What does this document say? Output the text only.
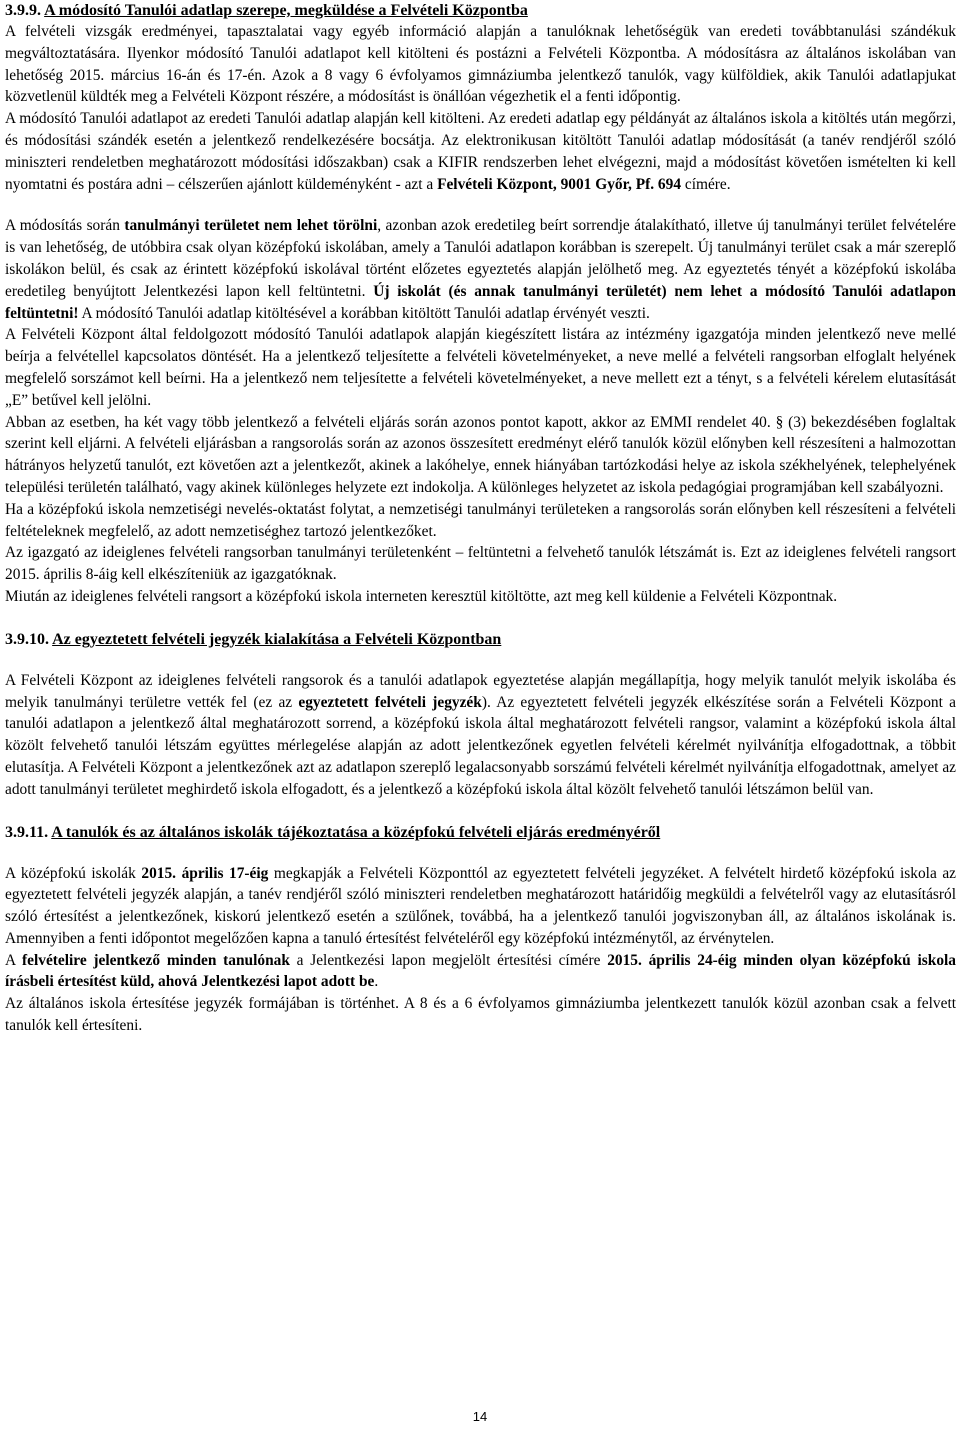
3.9.9. A módosító Tanulói adatlap szerepe, megküldése a Felvételi Központba

A felvételi vizsgák eredményei, tapasztalatai vagy egyéb információ alapján a tanulóknak lehetőségük van eredeti továbbtanulási szándékuk megváltoztatására. Ilyenkor módosító Tanulói adatlapot kell kitölteni és postázni a Felvételi Központba. A módosításra az általános iskolában van lehetőség 2015. március 16-án és 17-én. Azok a 8 vagy 6 évfolyamos gimnáziumba jelentkező tanulók, vagy külföldiek, akik Tanulói adatlapjukat közvetlenül küldték meg a Felvételi Központ részére, a módosítást is önállóan végezhetik el a fenti időpontig.

A módosító Tanulói adatlapot az eredeti Tanulói adatlap alapján kell kitölteni. Az eredeti adatlap egy példányát az általános iskola a kitöltés után megőrzi, és módosítási szándék esetén a jelentkező rendelkezésére bocsátja. Az elektronikusan kitöltött Tanulói adatlap módosítását (a tanév rendjéről szóló miniszteri rendeletben meghatározott módosítási időszakban) csak a KIFIR rendszerben lehet elvégezni, majd a módosítást követően ismételten ki kell nyomtatni és postára adni – célszerűen ajánlott küldeményként - azt a Felvételi Központ, 9001 Győr, Pf. 694 címére.

A módosítás során tanulmányi területet nem lehet törölni, azonban azok eredetileg beírt sorrendje átalakítható, illetve új tanulmányi terület felvételére is van lehetőség, de utóbbira csak olyan középfokú iskolában, amely a Tanulói adatlapon korábban is szerepelt. Új tanulmányi terület csak a már szereplő iskolákon belül, és csak az érintett középfokú iskolával történt előzetes egyeztetés alapján jelölhető meg. Az egyeztetés tényét a középfokú iskolába eredetileg benyújtott Jelentkezési lapon kell feltüntetni. Új iskolát (és annak tanulmányi területét) nem lehet a módosító Tanulói adatlapon feltüntetni! A módosító Tanulói adatlap kitöltésével a korábban kitöltött Tanulói adatlap érvényét veszti.

A Felvételi Központ által feldolgozott módosító Tanulói adatlapok alapján kiegészített listára az intézmény igazgatója minden jelentkező neve mellé beírja a felvétellel kapcsolatos döntését. Ha a jelentkező teljesítette a felvételi követelményeket, a neve mellé a felvételi rangsorban elfoglalt helyének megfelelő sorszámot kell beírni. Ha a jelentkező nem teljesítette a felvételi követelményeket, a neve mellett ezt a tényt, s a felvételi kérelem elutasítását „E” betűvel kell jelölni.

Abban az esetben, ha két vagy több jelentkező a felvételi eljárás során azonos pontot kapott, akkor az EMMI rendelet 40. § (3) bekezdésében foglaltak szerint kell eljárni. A felvételi eljárásban a rangsorolás során az azonos összesített eredményt elérő tanulók közül előnyben kell részesíteni a halmozottan hátrányos helyzetű tanulót, ezt követően azt a jelentkezőt, akinek a lakóhelye, ennek hiányában tartózkodási helye az iskola székhelyének, telephelyének települési területén található, vagy akinek különleges helyzete ezt indokolja. A különleges helyzetet az iskola pedagógiai programjában kell szabályozni.

Ha a középfokú iskola nemzetiségi nevelés-oktatást folytat, a nemzetiségi tanulmányi területeken a rangsorolás során előnyben kell részesíteni a felvételi feltételeknek megfelelő, az adott nemzetiséghez tartozó jelentkezőket.

Az igazgató az ideiglenes felvételi rangsorban tanulmányi területenként – feltüntetni a felvehető tanulók létszámát is. Ezt az ideiglenes felvételi rangsort 2015. április 8-áig kell elkészíteniük az igazgatóknak.

Miután az ideiglenes felvételi rangsort a középfokú iskola interneten keresztül kitöltötte, azt meg kell küldenie a Felvételi Központnak.

3.9.10. Az egyeztetett felvételi jegyzék kialakítása a Felvételi Központban

A Felvételi Központ az ideiglenes felvételi rangsorok és a tanulói adatlapok egyeztetése alapján megállapítja, hogy melyik tanulót melyik iskolába és melyik tanulmányi területre vették fel (ez az egyeztetett felvételi jegyzék). Az egyeztetett felvételi jegyzék elkészítése során a Felvételi Központ a tanulói adatlapon a jelentkező által meghatározott sorrend, a középfokú iskola által meghatározott felvételi rangsor, valamint a középfokú iskola által közölt felvehető tanulói létszám együttes mérlegelése alapján az adott jelentkezőnek egyetlen felvételi kérelmét nyilvánítja elfogadottnak, a többit elutasítja. A Felvételi Központ a jelentkezőnek azt az adatlapon szereplő legalacsonyabb sorszámú felvételi kérelmét nyilvánítja elfogadottnak, amelyet az adott tanulmányi területet meghirdető iskola elfogadott, és a jelentkező a középfokú iskola által közölt felvehető tanulói létszámon belül van.

3.9.11. A tanulók és az általános iskolák tájékoztatása a középfokú felvételi eljárás eredményéről

A középfokú iskolák 2015. április 17-éig megkapják a Felvételi Központtól az egyeztetett felvételi jegyzéket. A felvételt hirdető középfokú iskola az egyeztetett felvételi jegyzék alapján, a tanév rendjéről szóló miniszteri rendeletben meghatározott határidőig megküldi a felvételről vagy az elutasításról szóló értesítést a jelentkezőnek, kiskorú jelentkező esetén a szülőnek, továbbá, ha a jelentkező tanulói jogviszonyban áll, az általános iskolának is. Amennyiben a fenti időpontot megelőzően kapna a tanuló értesítést felvételéről egy középfokú intézménytől, az érvénytelen.

A felvételire jelentkező minden tanulónak a Jelentkezési lapon megjelölt értesítési címére 2015. április 24-éig minden olyan középfokú iskola írásbeli értesítést küld, ahová Jelentkezési lapot adott be.

Az általános iskola értesítése jegyzék formájában is történhet. A 8 és a 6 évfolyamos gimnáziumba jelentkezett tanulók közül azonban csak a felvett tanulók kell értesíteni.

14
